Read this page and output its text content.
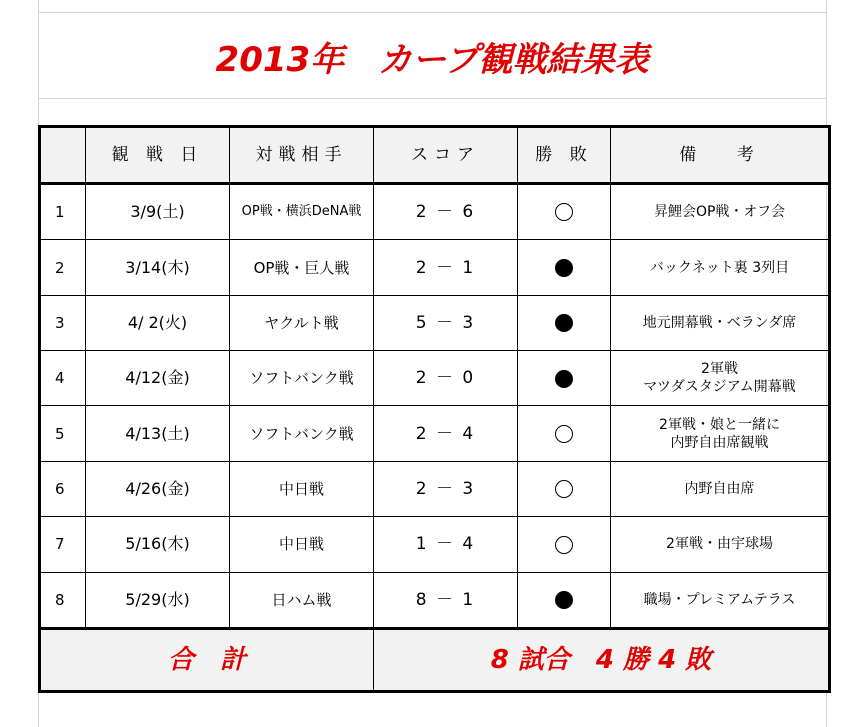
2013年　カープ観戦結果表
	観 戦 日	対戦相手	スコア	勝 敗	備　 考
1	3/9(土)	OP戦・横浜DeNA戦	2 － 6		昇鯉会OP戦・オフ会

2	3/14(木)	OP戦・巨人戦	2 － 1		バックネット裏 3列目

3	4/ 2(火)	ヤクルト戦	5 － 3		地元開幕戦・ベランダ席

4	4/12(金)	ソフトバンク戦	2 － 0		2軍戦
マツダスタジアム開幕戦

5	4/13(土)	ソフトバンク戦	2 － 4		2軍戦・娘と一緒に
内野自由席観戦

6	4/26(金)	中日戦	2 － 3		内野自由席

7	5/16(木)	中日戦	1 － 4		2軍戦・由宇球場

8	5/29(水)	日ハム戦	8 － 1		職場・プレミアムテラス

合　計			8 試合　4 勝 4 敗		
